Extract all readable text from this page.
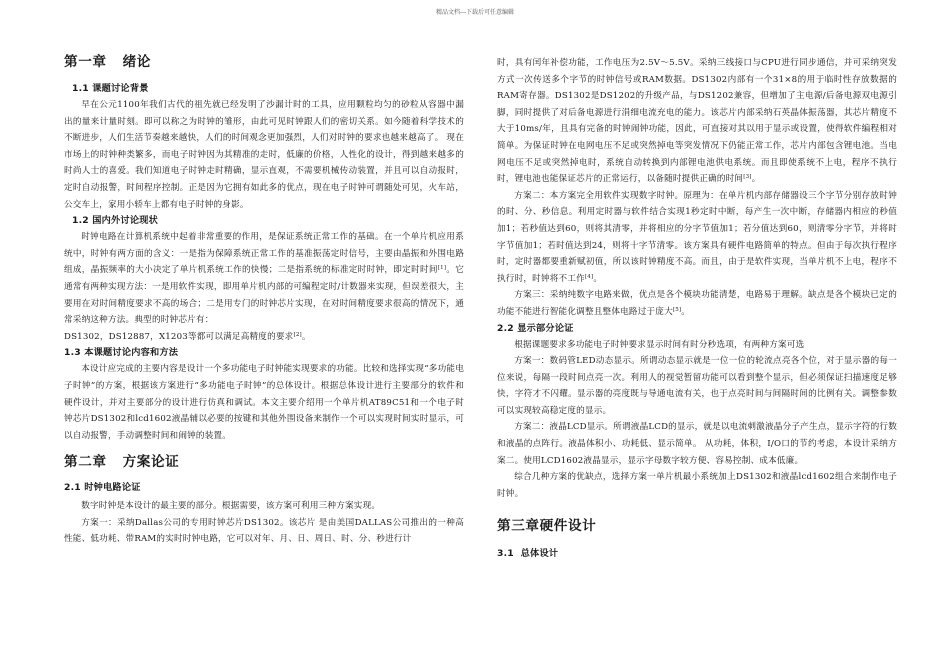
精品文档---下载后可任意编辑
第一章 绪论
1.1 课题讨论背景

早在公元1100年我们古代的祖先就已经发明了沙漏计时的工具，应用颗粒均匀的砂粒从容器中漏出的量来计量时刻。即可以称之为时钟的雏形，由此可见时钟跟人们的密切关系。如今随着科学技术的不断进步，人们生活节奏越来越快，人们的时间观念更加强烈，人们对时钟的要求也越来越高了。 现在市场上的时钟种类繁多，而电子时钟因为其精准的走时，低廉的价格，人性化的设计，得到越来越多的时尚人士的喜爱。我们知道电子时钟走时精确，显示直观，不需要机械传动装置，并且可以自动报时，定时自动报警，时间程序控制。正是因为它拥有如此多的优点，现在电子时钟可谓随处可见，火车站，公交车上，家用小轿车上都有电子时钟的身影。

1.2 国内外讨论现状

时钟电路在计算机系统中起着非常重要的作用，是保证系统正常工作的基础。在一个单片机应用系统中，时钟有两方面的含义：一是指为保障系统正常工作的基准振荡定时信号，主要由晶振和外围电路组成，晶振频率的大小决定了单片机系统工作的快慢；二是指系统的标准定时时钟，即定时时间[1]。它通常有两种实现方法：一是用软件实现，即用单片机内部的可编程定时/计数器来实现，但误差很大，主要用在对时间精度要求不高的场合；二是用专门的时钟芯片实现，在对时间精度要求很高的情况下，通常采纳这种方法。典型的时钟芯片有：

DS1302，DS12887，X1203等都可以满足高精度的要求[2]。

1.3 本课题讨论内容和方法

本设计应完成的主要内容是设计一个多功能电子时钟能实现要求的功能。比较和选择实现“多功能电子时钟”的方案，根据该方案进行“多功能电子时钟”的总体设计。根据总体设计进行主要部分的软件和硬件设计，并对主要部分的设计进行仿真和调试。本文主要介绍用一个单片机AT89C51和一个电子时钟芯片DS1302和lcd1602液晶辅以必要的按键和其他外围设备来制作一个可以实现时间实时显示，可以自动报警，手动调整时间和闹钟的装置。

第二章 方案论证
2.1 时钟电路论证

数字时钟是本设计的最主要的部分。根据需要，该方案可利用三种方案实现。

方案一：采纳Dallas公司的专用时钟芯片DS1302。该芯片 是由美国DALLAS公司推出的一种高性能、低功耗、带RAM的实时时钟电路，它可以对年、月、日、周日、时、分、秒进行计

时，具有闰年补偿功能，工作电压为2.5V～5.5V。采纳三线接口与CPU进行同步通信，并可采纳突发方式一次传送多个字节的时钟信号或RAM数据。DS1302内部有一个31×8的用于临时性存放数据的RAM寄存器。DS1302是DS1202的升级产品，与DS1202兼容，但增加了主电源/后备电源双电源引脚，同时提供了对后备电源进行涓细电流充电的能力。该芯片内部采纳石英晶体振荡器，其芯片精度不大于10ms/年，且具有完备的时钟闹钟功能，因此，可直接对其以用于显示或设置，使得软件编程相对简单。为保证时钟在电网电压不足或突然掉电等突发情况下仍能正常工作，芯片内部包含锂电池。当电网电压不足或突然掉电时，系统自动转换到内部锂电池供电系统。而且即使系统不上电，程序不执行时，锂电池也能保证芯片的正常运行，以备随时提供正确的时间[3]。

方案二：本方案完全用软件实现数字时钟。原理为：在单片机内部存储器设三个字节分别存放时钟的时、分、秒信息。利用定时器与软件结合实现1秒定时中断，每产生一次中断，存储器内相应的秒值加1；若秒值达到60，则将其清零，并将相应的分字节值加1；若分值达到60，则清零分字节，并将时字节值加1；若时值达到24，则将十字节清零。该方案具有硬件电路简单的特点。但由于每次执行程序时，定时器都要重新赋初值，所以该时钟精度不高。而且，由于是软件实现，当单片机不上电，程序不执行时，时钟将不工作[4]。

方案三：采纳纯数字电路来做，优点是各个模块功能清楚，电路易于理解。缺点是各个模块已定的功能不能进行智能化调整且整体电路过于庞大[5]。

2.2 显示部分论证

根据课题要求多功能电子时钟要求显示时间有时分秒选项，有两种方案可选

方案一：数码管LED动态显示。所谓动态显示就是一位一位的轮流点亮各个位，对于显示器的每一位来说，每隔一段时间点亮一次。利用人的视觉暂留功能可以看到整个显示，但必须保证扫描速度足够快，字符才不闪耀。显示器的亮度既与导通电流有关，也于点亮时间与间隔时间的比例有关。调整参数可以实现较高稳定度的显示。

方案二：液晶LCD显示。所谓液晶LCD的显示，就是以电流刺激液晶分子产生点，显示字符的行数和液晶的点阵行。液晶体积小、功耗低、显示简单。 从功耗，体积，I/O口的节约考虑，本设计采纳方案二。使用LCD1602液晶显示，显示字母数字较方便、容易控制、成本低廉。

综合几种方案的优缺点，选择方案一单片机最小系统加上DS1302和液晶lcd1602组合来制作电子时钟。

第三章硬件设计
3.1  总体设计
